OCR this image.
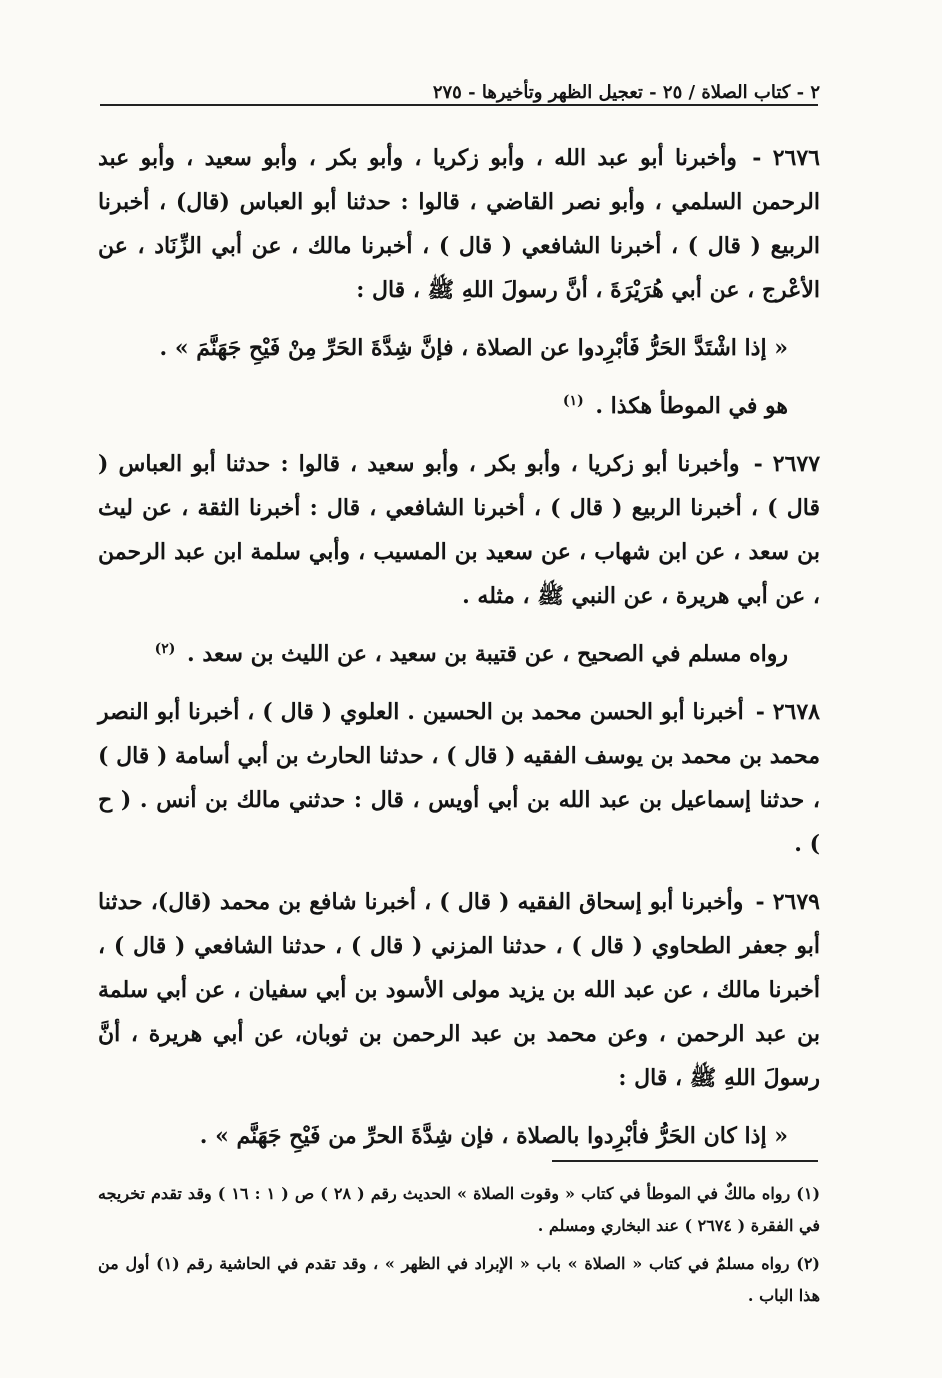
٢ - كتاب الصلاة / ٢٥ - تعجيل الظهر وتأخيرها - ٢٧٥

٢٦٧٦ - وأخبرنا أبو عبد الله ، وأبو زكريا ، وأبو بكر ، وأبو سعيد ، وأبو عبد الرحمن السلمي ، وأبو نصر القاضي ، قالوا : حدثنا أبو العباس (قال) ، أخبرنا الربيع ( قال ) ، أخبرنا الشافعي ( قال ) ، أخبرنا مالك ، عن أبي الزِّنَاد ، عن الأعْرج ، عن أبي هُرَيْرَةَ ، أنَّ رسولَ اللهِ ﷺ ، قال :

« إذا اشْتَدَّ الحَرُّ فَأبْرِدوا عن الصلاة ، فإنَّ شِدَّةَ الحَرِّ مِنْ فَيْحِ جَهَنَّمَ » .

هو في الموطأ هكذا . $^{(١)}$

٢٦٧٧ - وأخبرنا أبو زكريا ، وأبو بكر ، وأبو سعيد ، قالوا : حدثنا أبو العباس ( قال ) ، أخبرنا الربيع ( قال ) ، أخبرنا الشافعي ، قال : أخبرنا الثقة ، عن ليث بن سعد ، عن ابن شهاب ، عن سعيد بن المسيب ، وأبي سلمة ابن عبد الرحمن ، عن أبي هريرة ، عن النبي ﷺ ، مثله .

رواه مسلم في الصحيح ، عن قتيبة بن سعيد ، عن الليث بن سعد . $^{(٢)}$

٢٦٧٨ - أخبرنا أبو الحسن محمد بن الحسين . العلوي ( قال ) ، أخبرنا أبو النصر محمد بن محمد بن يوسف الفقيه ( قال ) ، حدثنا الحارث بن أبي أسامة ( قال ) ، حدثنا إسماعيل بن عبد الله بن أبي أويس ، قال : حدثني مالك بن أنس . ( ح ) .

٢٦٧٩ - وأخبرنا أبو إسحاق الفقيه ( قال ) ، أخبرنا شافع بن محمد (قال)، حدثنا أبو جعفر الطحاوي ( قال ) ، حدثنا المزني ( قال ) ، حدثنا الشافعي ( قال ) ، أخبرنا مالك ، عن عبد الله بن يزيد مولى الأسود بن أبي سفيان ، عن أبي سلمة بن عبد الرحمن ، وعن محمد بن عبد الرحمن بن ثوبان، عن أبي هريرة ، أنَّ رسولَ اللهِ ﷺ ، قال :

« إذا كان الحَرُّ فأبْرِدوا بالصلاة ، فإن شِدَّةَ الحرِّ من فَيْحِ جَهَنَّم » .

(١) رواه مالكٌ في الموطأ في كتاب « وقوت الصلاة » الحديث رقم ( ٢٨ ) ص ( ١ : ١٦ ) وقد تقدم تخريجه في الفقرة ( ٢٦٧٤ ) عند البخاري ومسلم .

(٢) رواه مسلمٌ في كتاب « الصلاة » باب « الإبراد في الظهر » ، وقد تقدم في الحاشية رقم (١) أول من هذا الباب .
